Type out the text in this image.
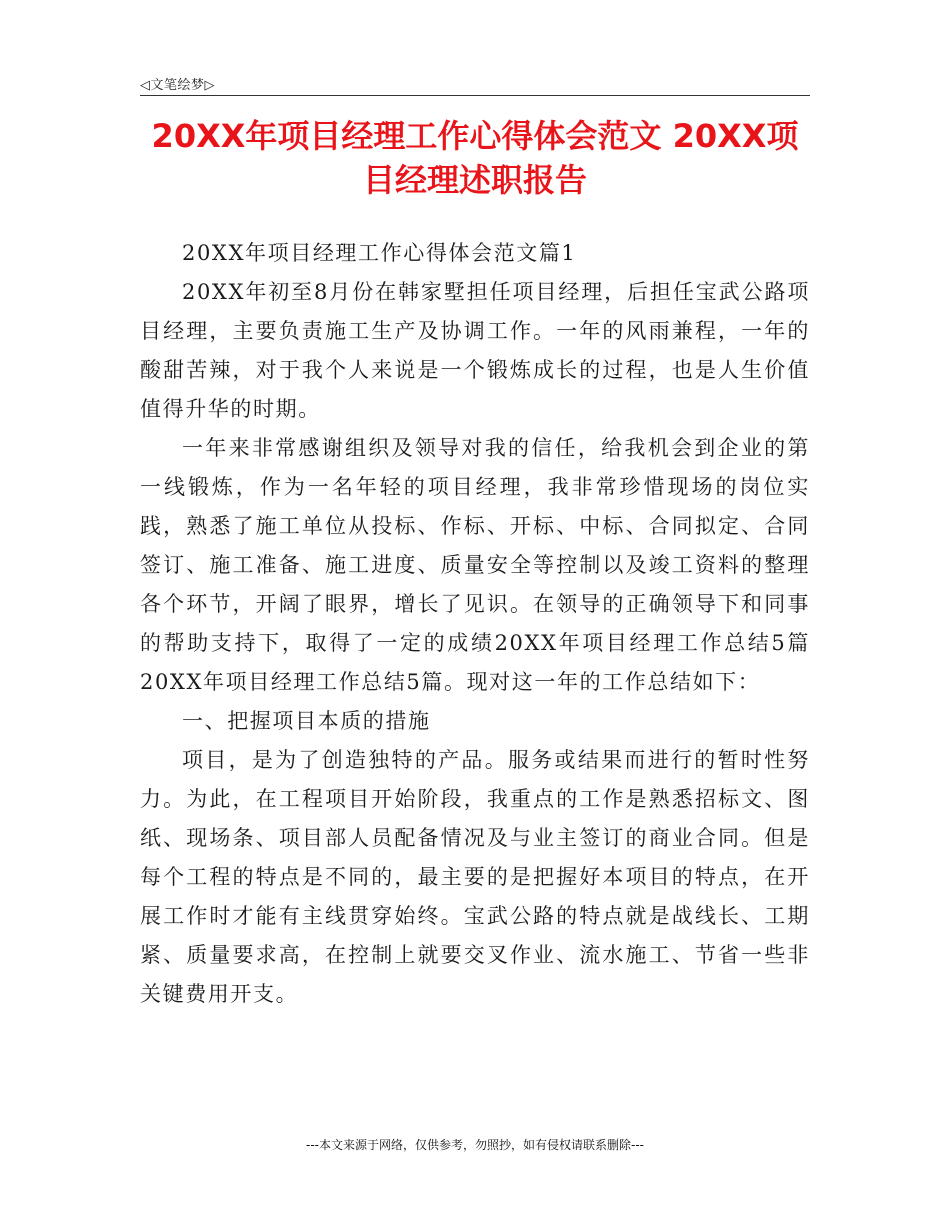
◁文笔绘梦▷
20XX年项目经理工作心得体会范文 20XX项目经理述职报告

20XX年项目经理工作心得体会范文篇1

20XX年初至8月份在韩家墅担任项目经理，后担任宝武公路项目经理，主要负责施工生产及协调工作。一年的风雨兼程，一年的酸甜苦辣，对于我个人来说是一个锻炼成长的过程，也是人生价值值得升华的时期。

一年来非常感谢组织及领导对我的信任，给我机会到企业的第一线锻炼，作为一名年轻的项目经理，我非常珍惜现场的岗位实践，熟悉了施工单位从投标、作标、开标、中标、合同拟定、合同签订、施工准备、施工进度、质量安全等控制以及竣工资料的整理各个环节，开阔了眼界，增长了见识。在领导的正确领导下和同事的帮助支持下，取得了一定的成绩20XX年项目经理工作总结5篇20XX年项目经理工作总结5篇。现对这一年的工作总结如下：

一、把握项目本质的措施

项目，是为了创造独特的产品。服务或结果而进行的暂时性努力。为此，在工程项目开始阶段，我重点的工作是熟悉招标文、图纸、现场条、项目部人员配备情况及与业主签订的商业合同。但是每个工程的特点是不同的，最主要的是把握好本项目的特点，在开展工作时才能有主线贯穿始终。宝武公路的特点就是战线长、工期紧、质量要求高，在控制上就要交叉作业、流水施工、节省一些非关键费用开支。

---本文来源于网络，仅供参考，勿照抄，如有侵权请联系删除---
